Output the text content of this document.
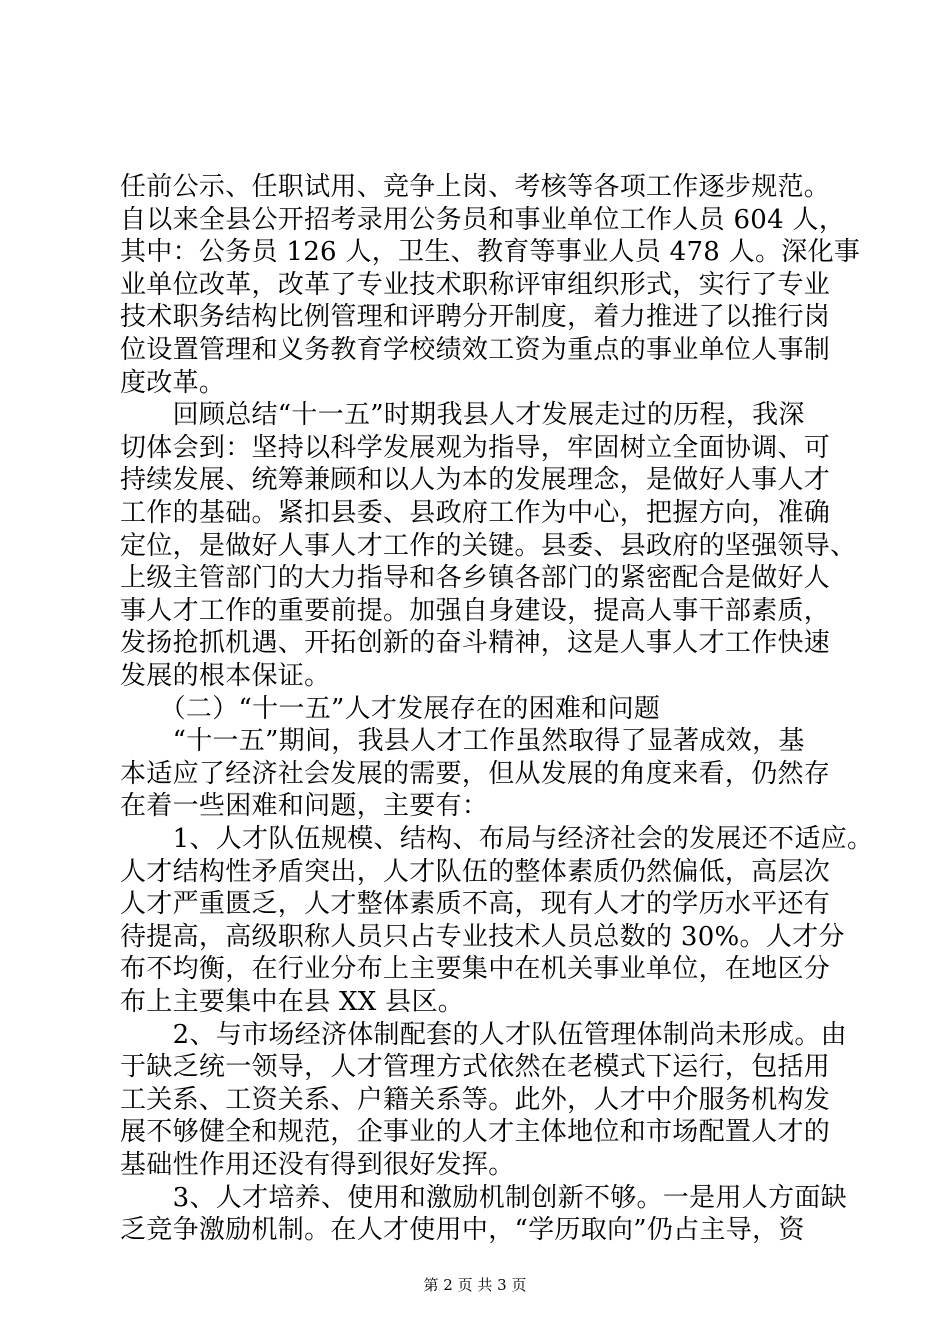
任前公示、任职试用、竞争上岗、考核等各项工作逐步规范。
自以来全县公开招考录用公务员和事业单位工作人员 604 人，
其中：公务员 126 人，卫生、教育等事业人员 478 人。深化事
业单位改革，改革了专业技术职称评审组织形式，实行了专业
技术职务结构比例管理和评聘分开制度，着力推进了以推行岗
位设置管理和义务教育学校绩效工资为重点的事业单位人事制
度改革。
　　回顾总结“十一五”时期我县人才发展走过的历程，我深
切体会到：坚持以科学发展观为指导，牢固树立全面协调、可
持续发展、统筹兼顾和以人为本的发展理念，是做好人事人才
工作的基础。紧扣县委、县政府工作为中心，把握方向，准确
定位，是做好人事人才工作的关键。县委、县政府的坚强领导、
上级主管部门的大力指导和各乡镇各部门的紧密配合是做好人
事人才工作的重要前提。加强自身建设，提高人事干部素质，
发扬抢抓机遇、开拓创新的奋斗精神，这是人事人才工作快速
发展的根本保证。
　　（二）“十一五”人才发展存在的困难和问题
　　“十一五”期间，我县人才工作虽然取得了显著成效，基
本适应了经济社会发展的需要，但从发展的角度来看，仍然存
在着一些困难和问题，主要有：
　　1、人才队伍规模、结构、布局与经济社会的发展还不适应。
人才结构性矛盾突出，人才队伍的整体素质仍然偏低，高层次
人才严重匮乏，人才整体素质不高，现有人才的学历水平还有
待提高，高级职称人员只占专业技术人员总数的 30%。人才分
布不均衡，在行业分布上主要集中在机关事业单位，在地区分
布上主要集中在县 XX 县区。
　　2、与市场经济体制配套的人才队伍管理体制尚未形成。由
于缺乏统一领导，人才管理方式依然在老模式下运行，包括用
工关系、工资关系、户籍关系等。此外，人才中介服务机构发
展不够健全和规范，企事业的人才主体地位和市场配置人才的
基础性作用还没有得到很好发挥。
　　3、人才培养、使用和激励机制创新不够。一是用人方面缺
乏竞争激励机制。在人才使用中，“学历取向”仍占主导，资
第 2 页 共 3 页
